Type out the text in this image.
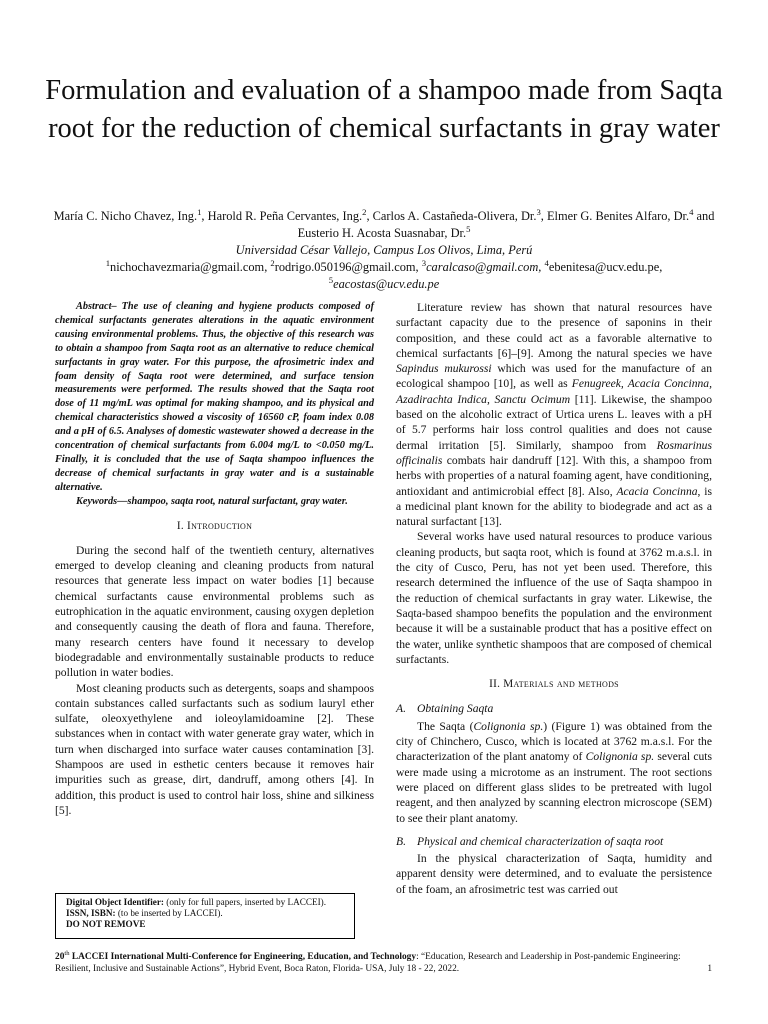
Formulation and evaluation of a shampoo made from Saqta root for the reduction of chemical surfactants in gray water
María C. Nicho Chavez, Ing.$^1$, Harold R. Peña Cervantes, Ing.$^2$, Carlos A. Castañeda-Olivera, Dr.$^3$, Elmer G. Benites Alfaro, Dr.$^4$ and Eusterio H. Acosta Suasnabar, Dr.$^5$
Universidad César Vallejo, Campus Los Olivos, Lima, Perú
$^1$nichochavezmaria@gmail.com, $^2$rodrigo.050196@gmail.com, $^3$caralcaso@gmail.com, $^4$ebenitesa@ucv.edu.pe,
$^5$eacostas@ucv.edu.pe

Abstract– The use of cleaning and hygiene products composed of chemical surfactants generates alterations in the aquatic environment causing environmental problems. Thus, the objective of this research was to obtain a shampoo from Saqta root as an alternative to reduce chemical surfactants in gray water. For this purpose, the afrosimetric index and foam density of Saqta root were determined, and surface tension measurements were performed. The results showed that the Saqta root dose of 11 mg/mL was optimal for making shampoo, and its physical and chemical characteristics showed a viscosity of 16560 cP, foam index 0.08 and a pH of 6.5. Analyses of domestic wastewater showed a decrease in the concentration of chemical surfactants from 6.004 mg/L to <0.050 mg/L. Finally, it is concluded that the use of Saqta shampoo influences the decrease of chemical surfactants in gray water and is a sustainable alternative.

Keywords—shampoo, saqta root, natural surfactant, gray water.

I. Introduction

During the second half of the twentieth century, alternatives emerged to develop cleaning and cleaning products from natural resources that generate less impact on water bodies [1] because chemical surfactants cause environmental problems such as eutrophication in the aquatic environment, causing oxygen depletion and consequently causing the death of flora and fauna. Therefore, many research centers have found it necessary to develop biodegradable and environmentally sustainable products to reduce pollution in water bodies.

Most cleaning products such as detergents, soaps and shampoos contain substances called surfactants such as sodium lauryl ether sulfate, oleoxyethylene and ioleoylamidoamine [2]. These substances when in contact with water generate gray water, which in turn when discharged into surface water causes contamination [3]. Shampoos are used in esthetic centers because it removes hair impurities such as grease, dirt, dandruff, among others [4]. In addition, this product is used to control hair loss, shine and silkiness [5].

Literature review has shown that natural resources have surfactant capacity due to the presence of saponins in their composition, and these could act as a favorable alternative to chemical surfactants [6]–[9]. Among the natural species we have Sapindus mukurossi which was used for the manufacture of an ecological shampoo [10], as well as Fenugreek, Acacia Concinna, Azadirachta Indica, Sanctu Ocimum [11]. Likewise, the shampoo based on the alcoholic extract of Urtica urens L. leaves with a pH of 5.7 performs hair loss control qualities and does not cause dermal irritation [5]. Similarly, shampoo from Rosmarinus officinalis combats hair dandruff [12]. With this, a shampoo from herbs with properties of a natural foaming agent, have conditioning, antioxidant and antimicrobial effect [8]. Also, Acacia Concinna, is a medicinal plant known for the ability to biodegrade and act as a natural surfactant [13].

Several works have used natural resources to produce various cleaning products, but saqta root, which is found at 3762 m.a.s.l. in the city of Cusco, Peru, has not yet been used. Therefore, this research determined the influence of the use of Saqta shampoo in the reduction of chemical surfactants in gray water. Likewise, the Saqta-based shampoo benefits the population and the environment because it will be a sustainable product that has a positive effect on the water, unlike synthetic shampoos that are composed of chemical surfactants.

II. Materials and methods

A. Obtaining Saqta

The Saqta (Colignonia sp.) (Figure 1) was obtained from the city of Chinchero, Cusco, which is located at 3762 m.a.s.l. For the characterization of the plant anatomy of Colignonia sp. several cuts were made using a microtome as an instrument. The root sections were placed on different glass slides to be pretreated with lugol reagent, and then analyzed by scanning electron microscope (SEM) to see their plant anatomy.

B. Physical and chemical characterization of saqta root

In the physical characterization of Saqta, humidity and apparent density were determined, and to evaluate the persistence of the foam, an afrosimetric test was carried out

Digital Object Identifier: (only for full papers, inserted by LACCEI).
ISSN, ISBN: (to be inserted by LACCEI).
DO NOT REMOVE
20th LACCEI International Multi-Conference for Engineering, Education, and Technology: “Education, Research and Leadership in Post-pandemic Engineering: Resilient, Inclusive and Sustainable Actions”, Hybrid Event, Boca Raton, Florida- USA, July 18 - 22, 2022.	1
